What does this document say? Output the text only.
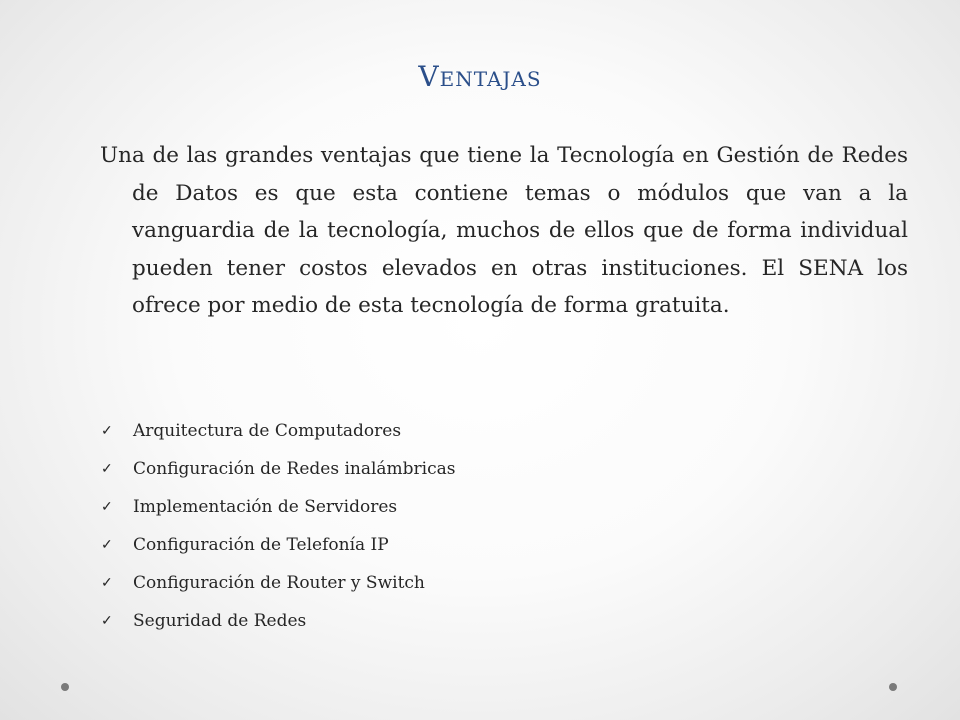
Ventajas

Una de las grandes ventajas que tiene la Tecnología en Gestión de Redes de Datos es que esta contiene temas o módulos que van a la vanguardia de la tecnología, muchos de ellos que de forma individual pueden tener costos elevados en otras instituciones. El SENA los ofrece por medio de esta tecnología de forma gratuita.

✓	Arquitectura de Computadores
✓	Configuración de Redes inalámbricas
✓	Implementación de Servidores
✓	Configuración de Telefonía IP
✓	Configuración de Router y Switch
✓	Seguridad de Redes
